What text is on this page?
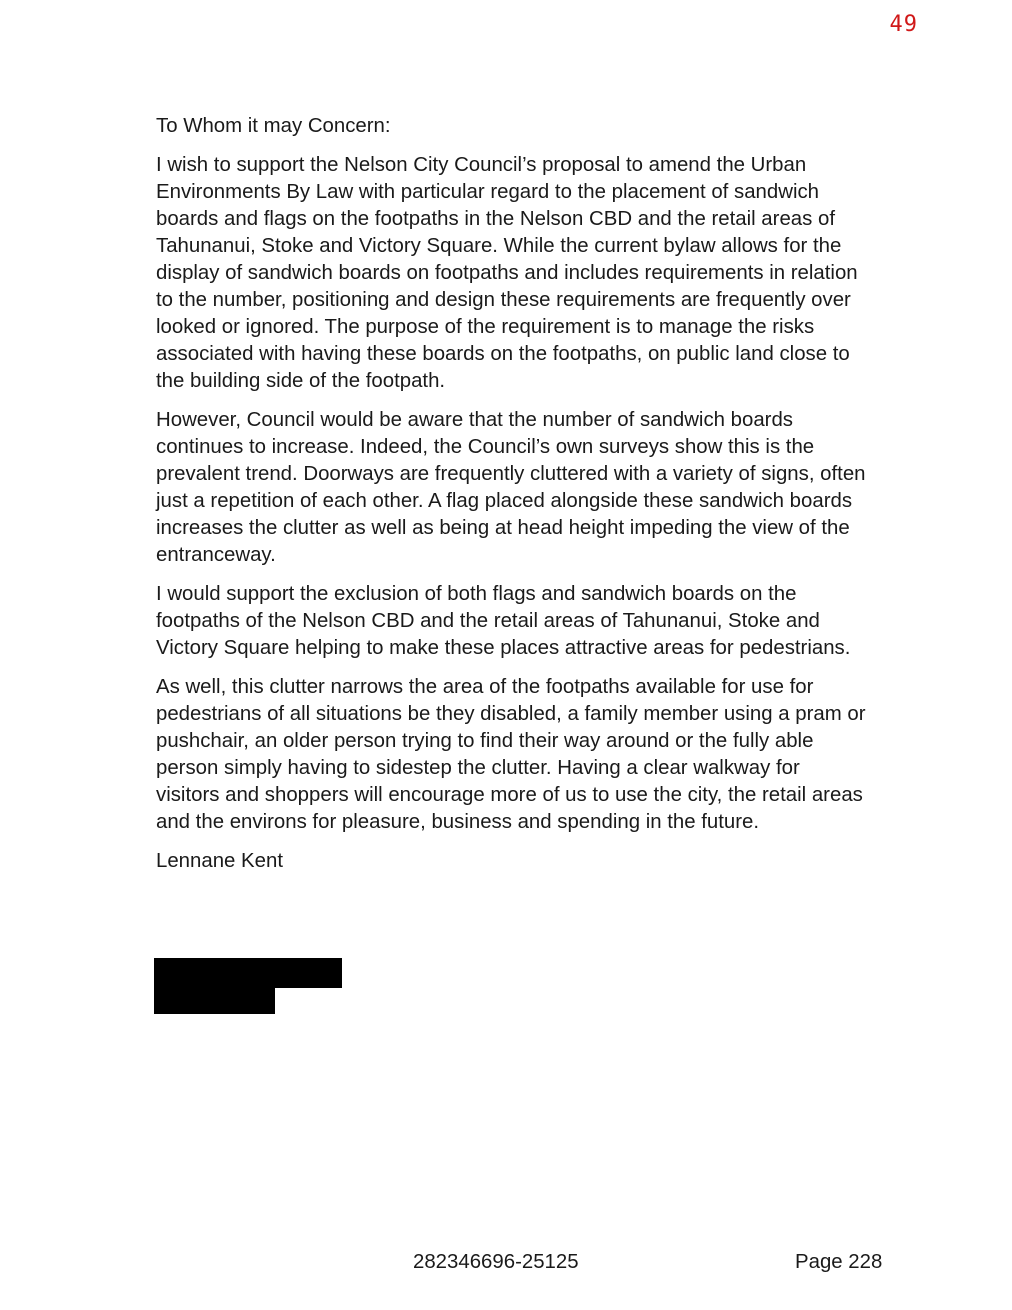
49

To Whom it may Concern:

I wish to support the Nelson City Council’s proposal to amend the Urban Environments By Law with particular regard to the placement of sandwich boards and flags on the footpaths in the Nelson CBD and the retail areas of Tahunanui, Stoke and Victory Square. While the current bylaw allows for the display of sandwich boards on footpaths and includes requirements in relation to the number, positioning and design these requirements are frequently over looked or ignored. The purpose of the requirement is to manage the risks associated with having these boards on the footpaths, on public land close to the building side of the footpath.

However, Council would be aware that the number of sandwich boards continues to increase. Indeed, the Council’s own surveys show this is the prevalent trend. Doorways are frequently cluttered with a variety of signs, often just a repetition of each other. A flag placed alongside these sandwich boards increases the clutter as well as being at head height impeding the view of the entranceway.

I would support the exclusion of both flags and sandwich boards on the footpaths of the Nelson CBD and the retail areas of Tahunanui, Stoke and Victory Square helping to make these places attractive areas for pedestrians.

As well, this clutter narrows the area of the footpaths available for use for pedestrians of all situations be they disabled, a family member using a pram or pushchair, an older person trying to find their way around or the fully able person simply having to sidestep the clutter. Having a clear walkway for visitors and shoppers will encourage more of us to use the city, the retail areas and the environs for pleasure, business and spending in the future.

Lennane Kent

282346696-25125	Page 228
